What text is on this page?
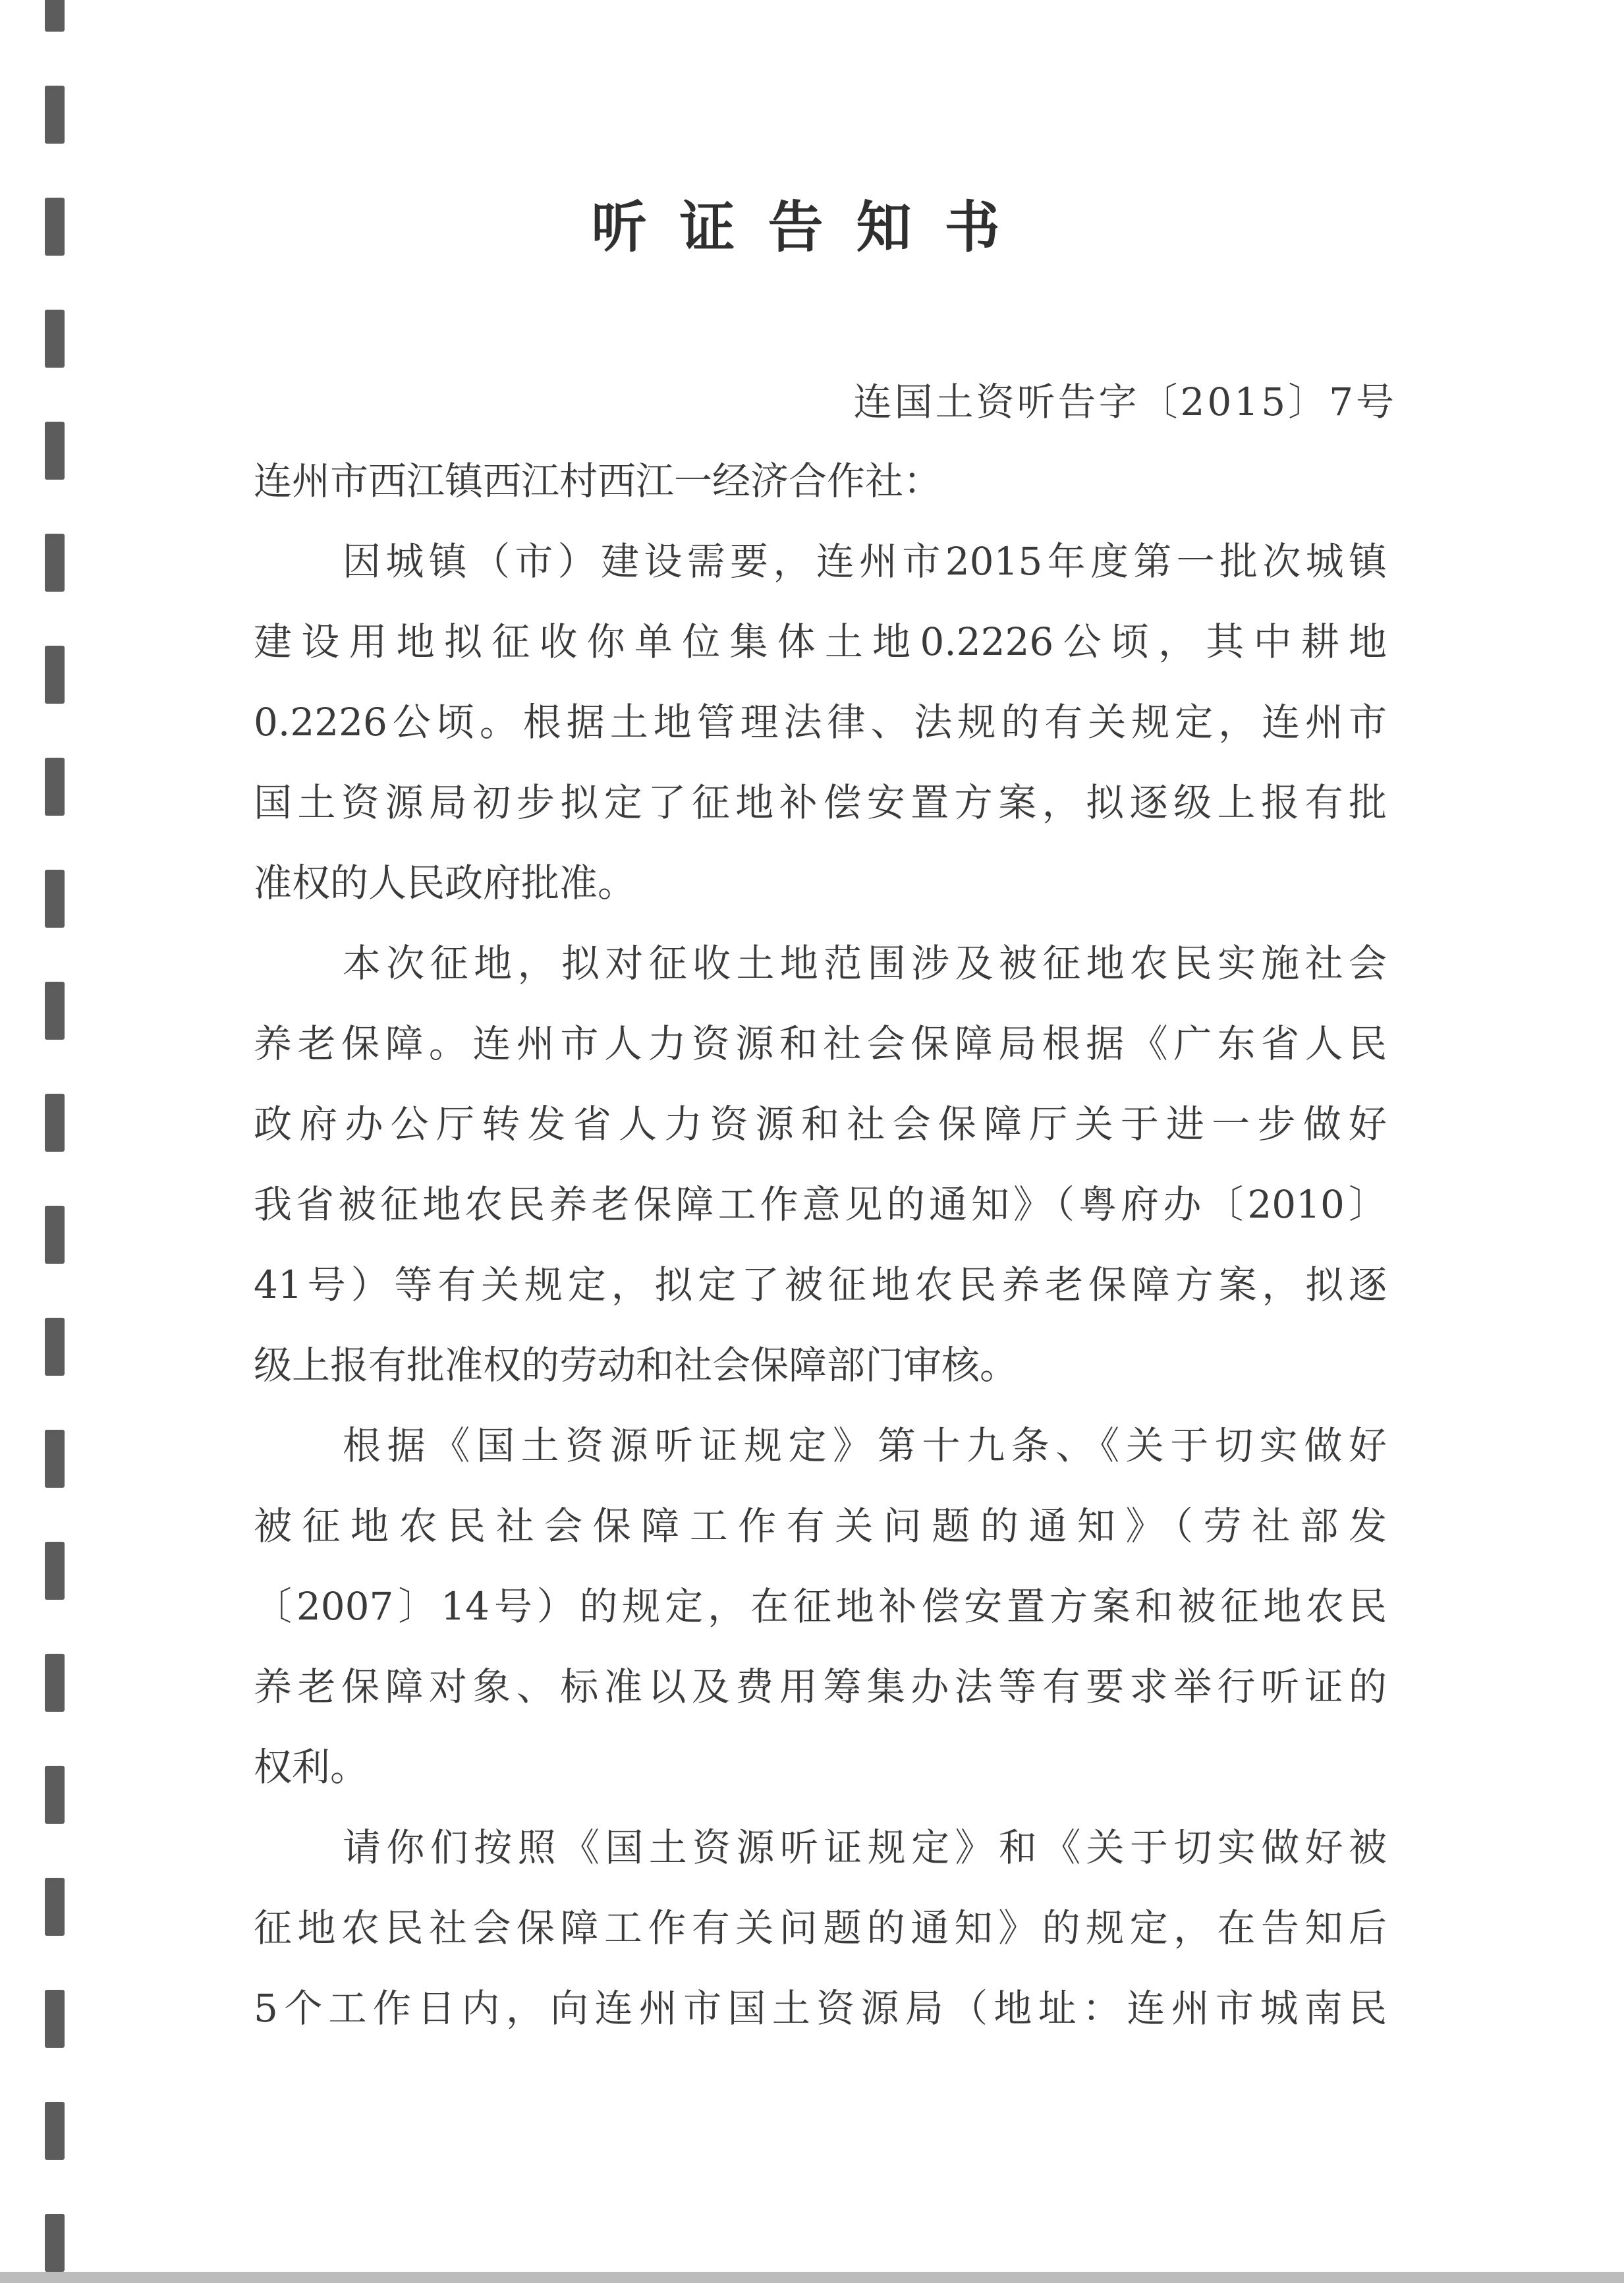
听证告知书
连国土资听告字〔2015〕7号
连州市西江镇西江村西江一经济合作社：
因城镇（市）建设需要，连州市2015年度第一批次城镇
建设用地拟征收你单位集体土地0.2226公顷，其中耕地
0.2226公顷。根据土地管理法律、法规的有关规定，连州市
国土资源局初步拟定了征地补偿安置方案，拟逐级上报有批
准权的人民政府批准。
本次征地，拟对征收土地范围涉及被征地农民实施社会
养老保障。连州市人力资源和社会保障局根据《广东省人民
政府办公厅转发省人力资源和社会保障厅关于进一步做好
我省被征地农民养老保障工作意见的通知》（粤府办〔2010〕
41号）等有关规定，拟定了被征地农民养老保障方案，拟逐
级上报有批准权的劳动和社会保障部门审核。
根据《国土资源听证规定》第十九条、《关于切实做好
被征地农民社会保障工作有关问题的通知》（劳社部发
〔2007〕14号）的规定，在征地补偿安置方案和被征地农民
养老保障对象、标准以及费用筹集办法等有要求举行听证的
权利。
请你们按照《国土资源听证规定》和《关于切实做好被
征地农民社会保障工作有关问题的通知》的规定，在告知后
5个工作日内，向连州市国土资源局（地址：连州市城南民
